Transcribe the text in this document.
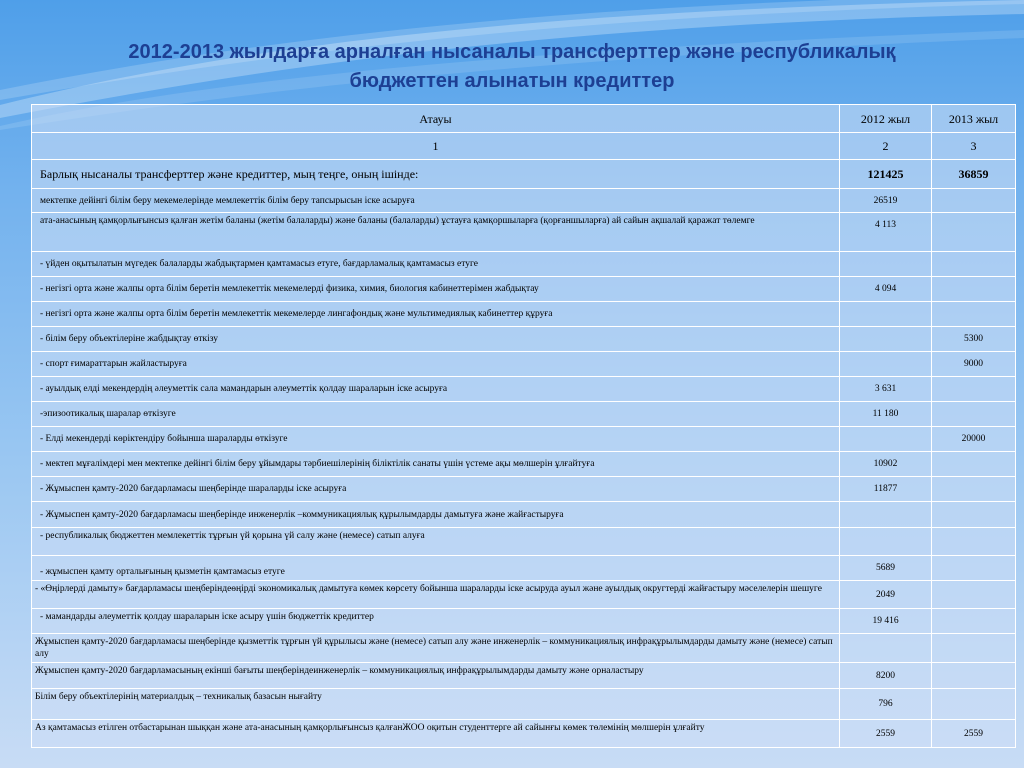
2012-2013 жылдарға арналған нысаналы трансферттер және республикалық
бюджеттен алынатын кредиттер
Атауы	2012 жыл	2013 жыл
1	2	3
Барлық нысаналы трансферттер және кредиттер, мың теңге, оның ішінде:	121425	36859
мектепке дейінгі білім беру мекемелерінде мемлекеттік білім беру тапсырысын іске асыруға	26519	
ата-анасының қамқорлығынсыз қалған жетім баланы (жетім балаларды) және баланы (балаларды) ұстауға қамқоршыларға (қорғаншыларға) ай сайын ақшалай қаражат төлемге	4 113	
- үйден оқытылатын мүгедек балаларды жабдықтармен қамтамасыз етуге, бағдарламалық қамтамасыз етуге		
- негізгі орта және жалпы орта білім беретін мемлекеттік мекемелерді физика, химия, биология кабинеттерімен жабдықтау	4 094	
- негізгі орта және жалпы орта білім беретін мемлекеттік мекемелерде лингафондық және мультимедиялық кабинеттер құруға		
- білім беру объектілеріне жабдықтау өткізу		5300
- спорт ғимараттарын жайластыруға		9000
- ауылдық елді мекендердің әлеуметтік сала мамандарын әлеуметтік қолдау шараларын іске асыруға	3 631	
-эпизоотикалық шаралар өткізуге	11 180	
- Елді мекендерді көріктендіру бойынша шараларды өткізуге		20000
- мектеп мұғалімдері мен мектепке дейінгі білім беру ұйымдары тәрбиешілерінің біліктілік санаты үшін үстеме ақы мөлшерін ұлғайтуға	10902	
- Жұмыспен қамту-2020 бағдарламасы шеңберінде шараларды іске асыруға	11877	
- Жұмыспен қамту-2020 бағдарламасы шеңберінде инженерлік –коммуникациялық құрылымдарды дамытуға және жайғастыруға		
- республикалық бюджеттен мемлекеттік тұрғын үй қорына үй салу және (немесе) сатып алуға		
- жұмыспен қамту орталығының қызметін қамтамасыз етуге	5689	
- «Өңірлерді дамыту» бағдарламасы шеңберіндеөңірді экономикалық дамытуға көмек көрсету бойынша шараларды іске асыруда ауыл және ауылдық округтерді жайғастыру мәселелерін шешуге	2049	
- мамандарды әлеуметтік қолдау шараларын іске асыру үшін бюджеттік кредиттер	19 416	
Жұмыспен қамту-2020 бағдарламасы шеңберінде қызметтік тұрғын үй құрылысы және (немесе) сатып алу және инженерлік – коммуникациялық инфрақұрылымдарды дамыту және (немесе) сатып алу		
Жұмыспен қамту-2020 бағдарламасының екінші бағыты шеңберіндеинженерлік – коммуникациялық инфрақұрылымдарды дамыту және орналастыру	8200	
Білім беру объектілерінің материалдық – техникалық базасын нығайту	796	
Аз қамтамасыз етілген отбастарынан шыққан және ата-анасының қамқорлығынсыз қалғанЖОО оқитын студенттерге ай сайынғы көмек төлемінің мөлшерін ұлғайту	2559	2559
